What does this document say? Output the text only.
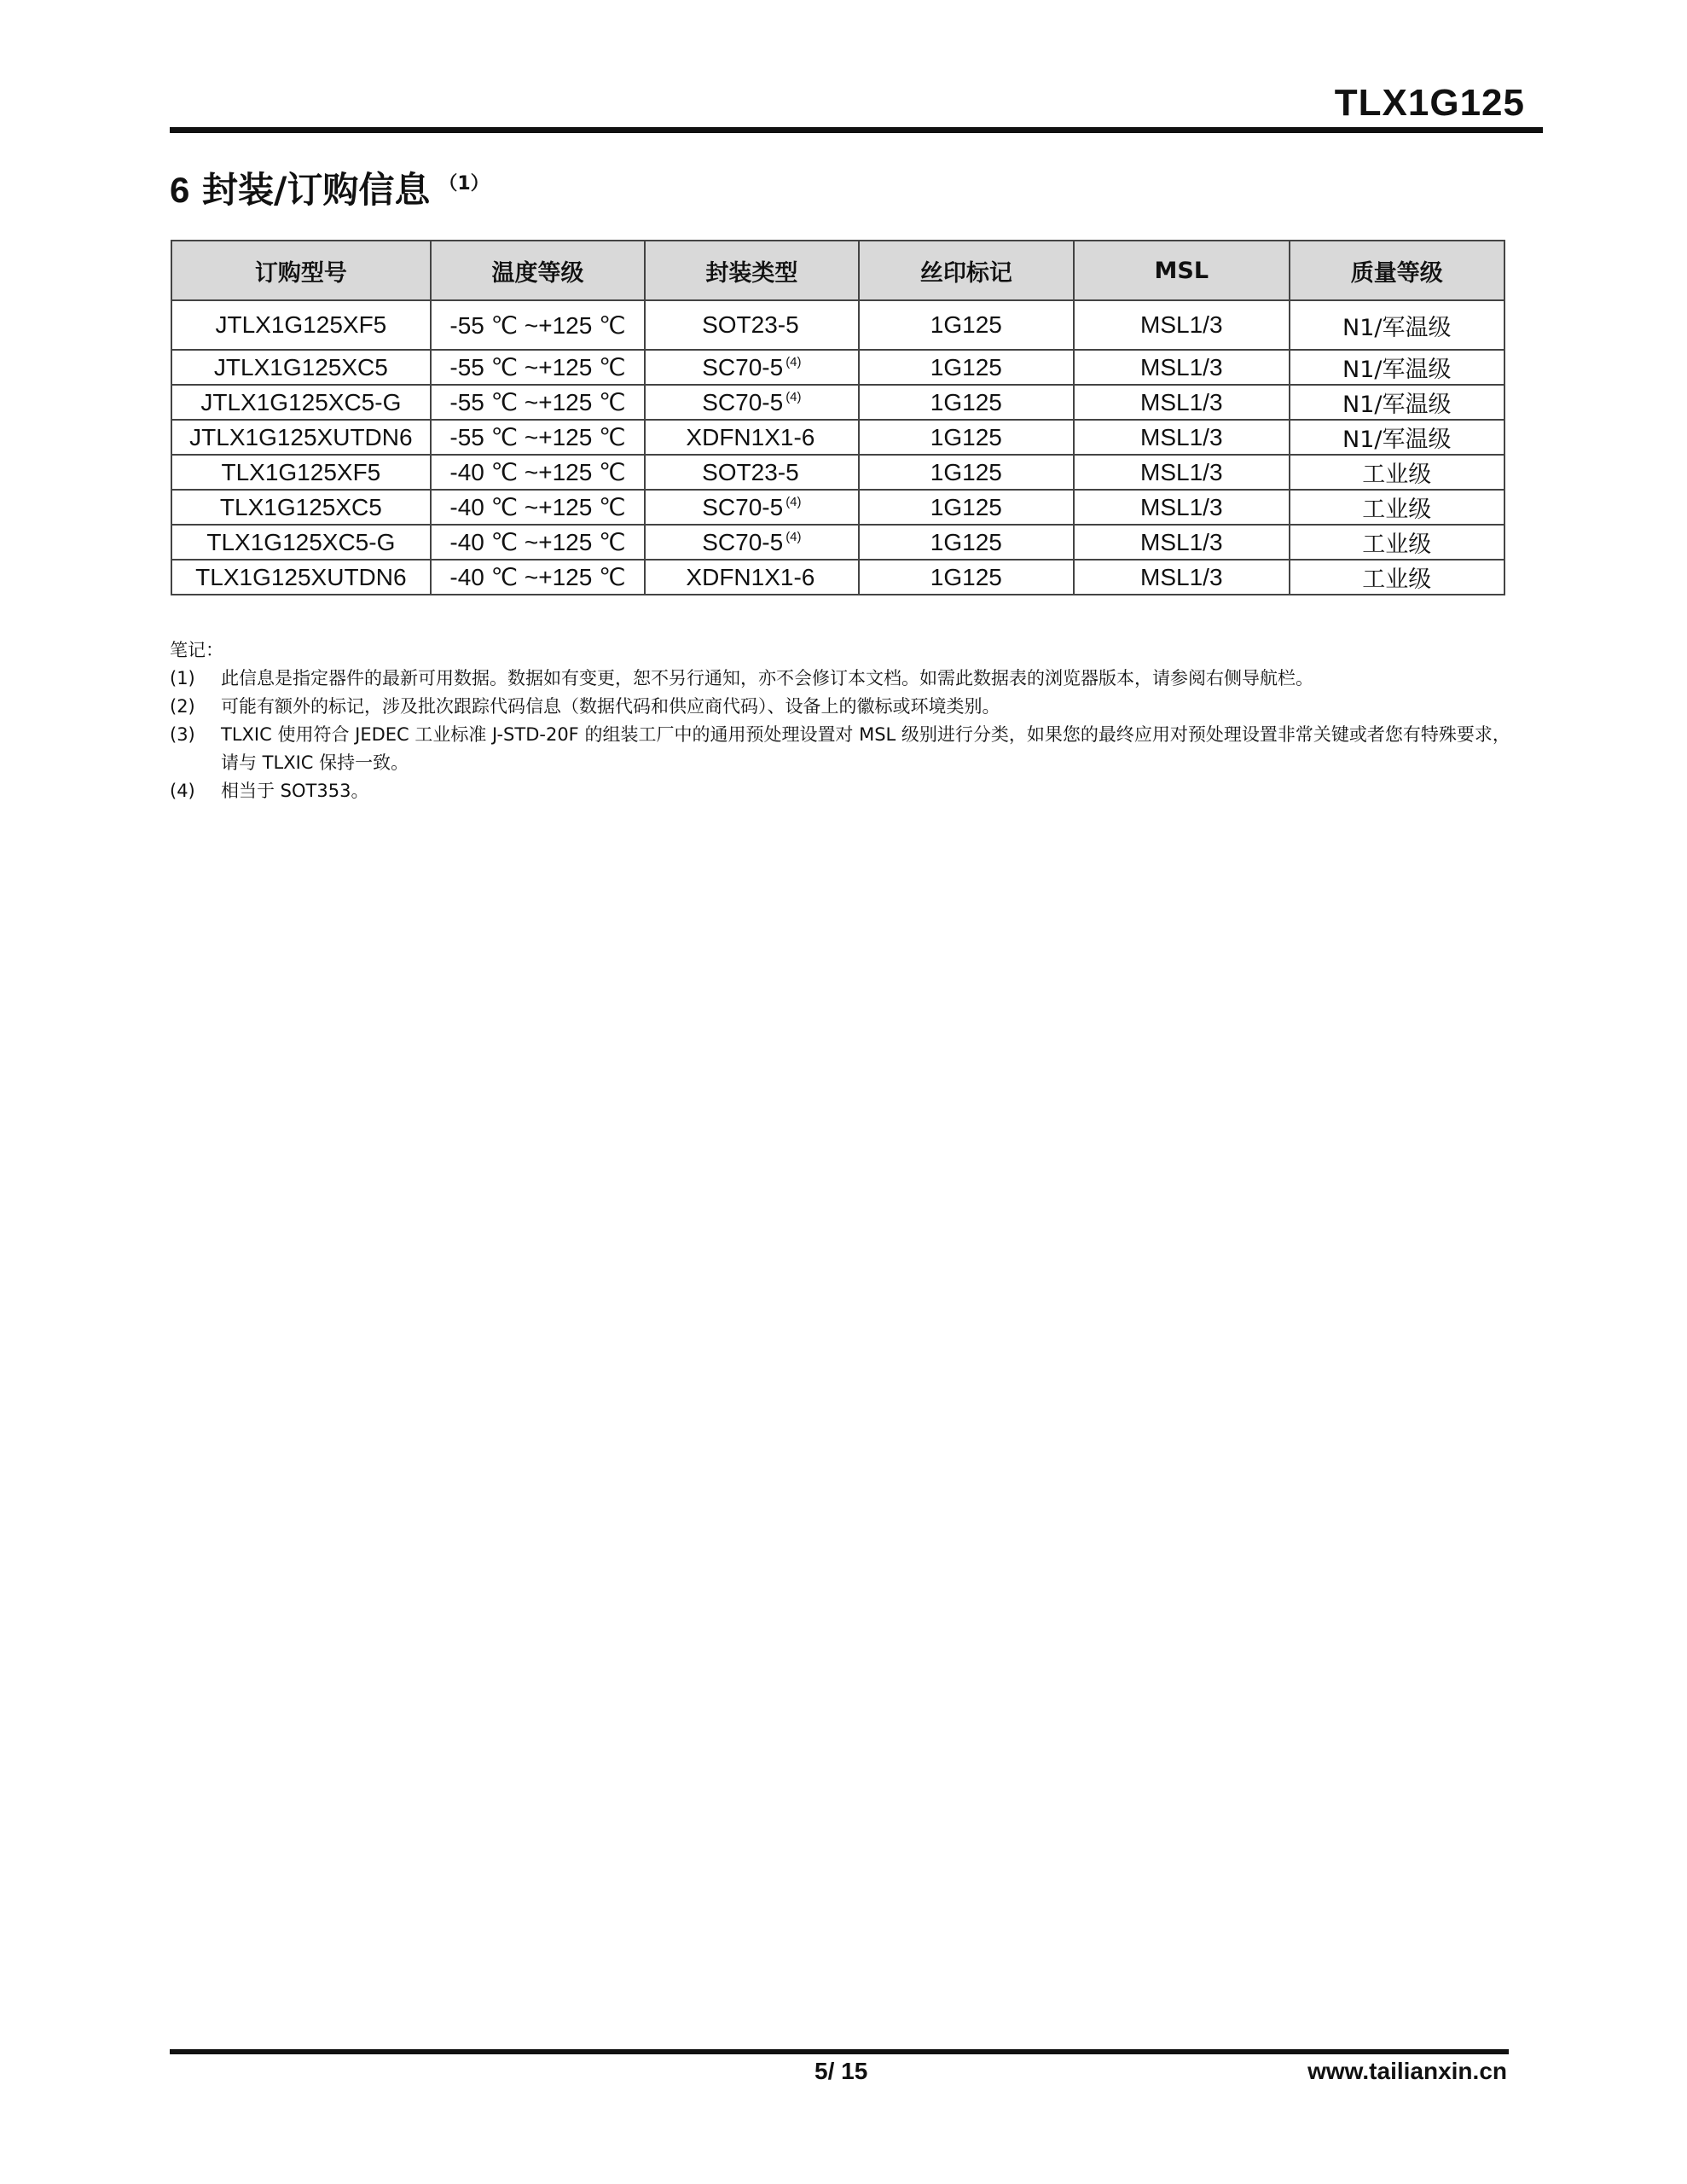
TLX1G125
6 封装/订购信息 $^{(1)}$
订购型号	温度等级	封装类型	丝印标记	MSL	质量等级
JTLX1G125XF5	-55 ℃ ~+125 ℃	SOT23-5	1G125	MSL1/3	N1/军温级
JTLX1G125XC5	-55 ℃ ~+125 ℃	SC70-5 $^{(4)}$	1G125	MSL1/3	N1/军温级
JTLX1G125XC5-G	-55 ℃ ~+125 ℃	SC70-5 $^{(4)}$	1G125	MSL1/3	N1/军温级
JTLX1G125XUTDN6	-55 ℃ ~+125 ℃	XDFN1X1-6	1G125	MSL1/3	N1/军温级
TLX1G125XF5	-40 ℃ ~+125 ℃	SOT23-5	1G125	MSL1/3	工业级
TLX1G125XC5	-40 ℃ ~+125 ℃	SC70-5 $^{(4)}$	1G125	MSL1/3	工业级
TLX1G125XC5-G	-40 ℃ ~+125 ℃	SC70-5 $^{(4)}$	1G125	MSL1/3	工业级
TLX1G125XUTDN6	-40 ℃ ~+125 ℃	XDFN1X1-6	1G125	MSL1/3	工业级
笔记：
(1) 此信息是指定器件的最新可用数据。数据如有变更，恕不另行通知，亦不会修订本文档。如需此数据表的浏览器版本，请参阅右侧导航栏。
(2) 可能有额外的标记，涉及批次跟踪代码信息（数据代码和供应商代码）、设备上的徽标或环境类别。
(3) TLXIC 使用符合 JEDEC 工业标准 J-STD-20F 的组装工厂中的通用预处理设置对 MSL 级别进行分类，如果您的最终应用对预处理设置非常关键或者您有特殊要求，请与 TLXIC 保持一致。
(4) 相当于 SOT353。
5/ 15	www.tailianxin.cn
